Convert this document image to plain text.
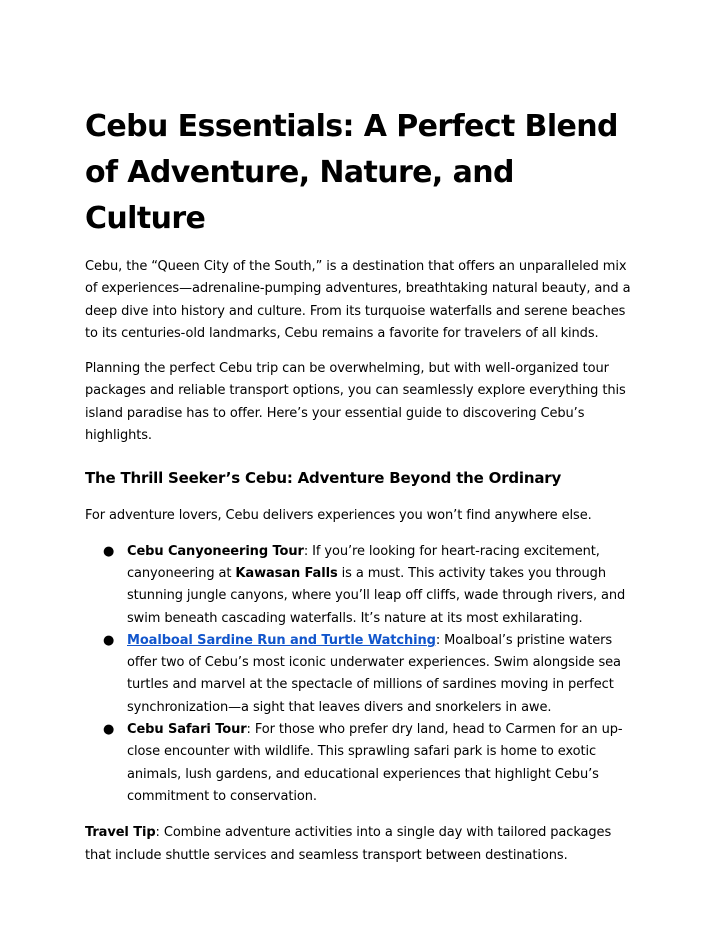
Cebu Essentials: A Perfect Blend of Adventure, Nature, and Culture

Cebu, the “Queen City of the South,” is a destination that offers an unparalleled mix of experiences—adrenaline-pumping adventures, breathtaking natural beauty, and a deep dive into history and culture. From its turquoise waterfalls and serene beaches to its centuries-old landmarks, Cebu remains a favorite for travelers of all kinds.

Planning the perfect Cebu trip can be overwhelming, but with well-organized tour packages and reliable transport options, you can seamlessly explore everything this island paradise has to offer. Here’s your essential guide to discovering Cebu’s highlights.

The Thrill Seeker’s Cebu: Adventure Beyond the Ordinary

For adventure lovers, Cebu delivers experiences you won’t find anywhere else.

● Cebu Canyoneering Tour: If you’re looking for heart-racing excitement, canyoneering at Kawasan Falls is a must. This activity takes you through stunning jungle canyons, where you’ll leap off cliffs, wade through rivers, and swim beneath cascading waterfalls. It’s nature at its most exhilarating.
● Moalboal Sardine Run and Turtle Watching: Moalboal’s pristine waters offer two of Cebu’s most iconic underwater experiences. Swim alongside sea turtles and marvel at the spectacle of millions of sardines moving in perfect synchronization—a sight that leaves divers and snorkelers in awe.
● Cebu Safari Tour: For those who prefer dry land, head to Carmen for an up-close encounter with wildlife. This sprawling safari park is home to exotic animals, lush gardens, and educational experiences that highlight Cebu’s commitment to conservation.

Travel Tip: Combine adventure activities into a single day with tailored packages that include shuttle services and seamless transport between destinations.
